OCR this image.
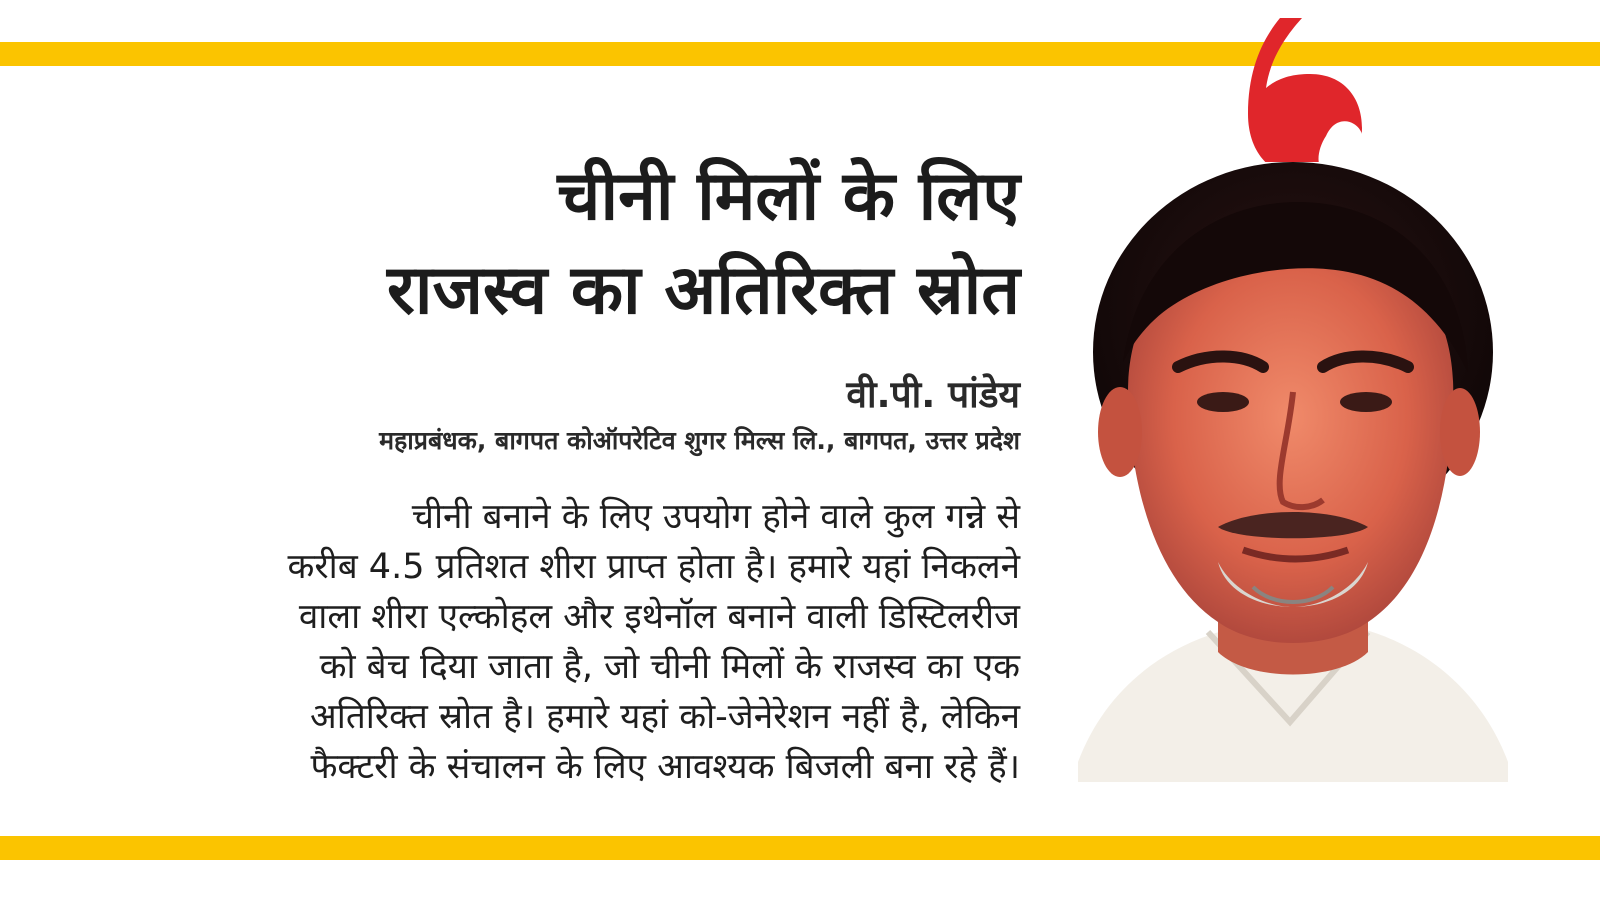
चीनी मिलों के लिए
राजस्व का अतिरिक्त स्रोत
वी.पी. पांडेय
महाप्रबंधक, बागपत कोऑपरेटिव शुगर मिल्स लि., बागपत, उत्तर प्रदेश
चीनी बनाने के लिए उपयोग होने वाले कुल गन्ने से
करीब 4.5 प्रतिशत शीरा प्राप्त होता है। हमारे यहां निकलने
वाला शीरा एल्कोहल और इथेनॉल बनाने वाली डिस्टिलरीज
को बेच दिया जाता है, जो चीनी मिलों के राजस्व का एक
अतिरिक्त स्रोत है। हमारे यहां को-जेनेरेशन नहीं है, लेकिन
फैक्टरी के संचालन के लिए आवश्यक बिजली बना रहे हैं।
